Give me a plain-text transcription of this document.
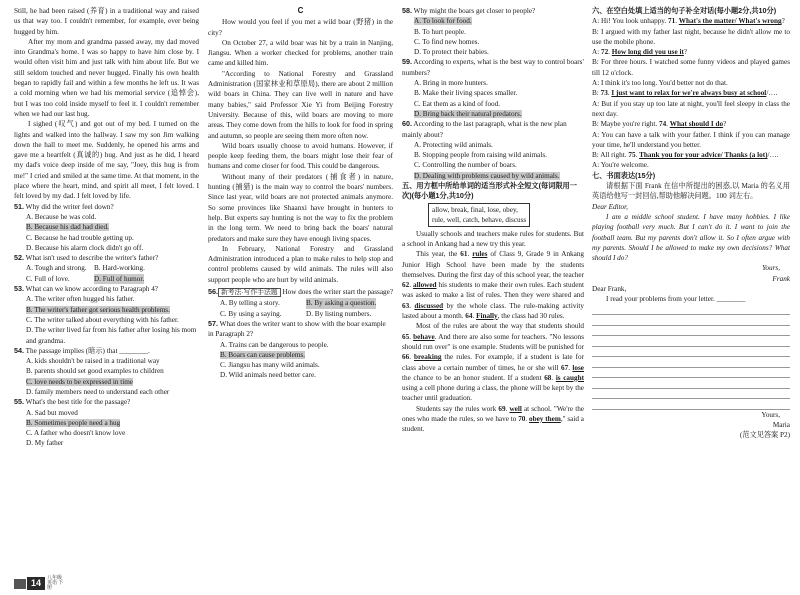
Still, he had been raised (养育) in a traditional way and raised us that way too. I couldn't remember, for example, ever being hugged by him.

After my mom and grandma passed away, my dad moved into Grandma's home. I was so happy to have him close by. I would often visit him and just talk with him about life. But we still seldom touched and never hugged. Finally his own health began to rapidly fail and within a few months he left us. It was a cold morning when we had his memorial service (追悼会), but I was too cold inside myself to feel it. I couldn't remember when we had our last hug.

I sighed (叹气) and got out of my bed. I turned on the lights and walked into the hallway. I saw my son Jim walking down the hall to meet me. Suddenly, he opened his arms and gave me a heartfelt (真诚的) hug. And just as he did, I heard my dad's voice deep inside of me say, "Joey, this hug is from me!" I cried and smiled at the same time. At that moment, in the place where the heart, mind, and spirit all meet, I felt loved. I felt loved by my dad. I felt loved by life.

51. Why did the writer feel down?
A. Because he was cold.
B. Because his dad had died.
C. Because he had trouble getting up.
D. Because his alarm clock didn't go off.
52. What isn't used to describe the writer's father?
A. Tough and strong.	B. Hard-working.
C. Full of love.	D. Full of humor.
53. What can we know according to Paragraph 4?
A. The writer often hugged his father.
B. The writer's father got serious health problems.
C. The writer talked about everything with his father.
D. The writer lived far from his father after losing his mom and grandma.
54. The passage implies (暗示) that ________.
A. kids shouldn't be raised in a traditional way
B. parents should set good examples to children
C. love needs to be expressed in time
D. family members need to understand each other
55. What's the best title for the passage?
A. Sad but moved
B. Sometimes people need a hug
C. A father who doesn't know love
D. My father
C

How would you feel if you met a wild boar (野猪) in the city?

On October 27, a wild boar was hit by a train in Nanjing, Jiangsu. When a worker checked for problems, another train came and killed him.

"According to National Forestry and Grassland Administration (国家林业和草原局), there are about 2 million wild boars in China. They can live well in nature and have many babies," said Professor Xie Yi from Beijing Forestry University. Because of this, wild boars are moving to more areas. They come down from the hills to look for food in spring and autumn, so people are seeing them more often now.

Wild boars usually choose to avoid humans. However, if people keep feeding them, the boars might lose their fear of humans and come closer for food. This could be dangerous.

Without many of their predators (捕食者) in nature, hunting (捕猎) is the main way to control the boars' numbers. Since last year, wild boars are not protected animals anymore. So some provinces like Shaanxi have brought in hunters to help. But experts say hunting is not the way to fix the problem in the long term. We need to bring back the boars' natural predators and make sure they have enough living spaces.

In February, National Forestry and Grassland Administration introduced a plan to make rules to help stop and control problems caused by wild animals. The rules will also support people who are hurt by wild animals.

56. 新考法·写作手法题 How does the writer start the passage?
A. By telling a story.	B. By asking a question.
C. By using a saying.	D. By listing numbers.
57. What does the writer want to show with the boar example in Paragraph 2?
A. Trains can be dangerous to people.
B. Boars can cause problems.
C. Jiangsu has many wild animals.
D. Wild animals need better care.
58. Why might the boars get closer to people?
A. To look for food.
B. To hurt people.
C. To find new homes.
D. To protect their babies.
59. According to experts, what is the best way to control boars' numbers?
A. Bring in more hunters.
B. Make their living spaces smaller.
C. Eat them as a kind of food.
D. Bring back their natural predators.
60. According to the last paragraph, what is the new plan mainly about?
A. Protecting wild animals.
B. Stopping people from raising wild animals.
C. Controlling the number of boars.
D. Dealing with problems caused by wild animals.
五、用方框中所给单词的适当形式补全短文(每词限用一次)(每小题1分,共10分)
allow, break, final, lose, obey,
rule, well, catch, behave, discuss

Usually schools and teachers make rules for students. But a school in Ankang had a new try this year.

This year, the 61. rules of Class 9, Grade 9 in Ankang Junior High School have been made by the students themselves. During the first day of this school year, the teacher 62. allowed his students to make their own rules. Each student was asked to make a list of rules. Then they were shared and 63. discussed by the whole class. The rule-making activity lasted about a month. 64. Finally, the class had 30 rules.

Most of the rules are about the way that students should 65. behave. And there are also some for teachers. "No lessons should run over" is one example. Students will be punished for 66. breaking the rules. For example, if a student is late for class above a certain number of times, he or she will 67. lose the chance to be an honor student. If a student 68. is caught using a cell phone during a class, the phone will be kept by the teacher until graduation.

Students say the rules work 69. well at school. "We're the ones who made the rules, so we have to 70. obey them," said a student.

六、在空白处填上适当的句子补全对话(每小题2分,共10分)

A: Hi! You look unhappy. 71. What's the matter/ What's wrong?

B: I argued with my father last night, because he didn't allow me to use the mobile phone.

A: 72. How long did you use it?

B: For three hours. I watched some funny videos and played games till 12 o'clock.

A: I think it's too long. You'd better not do that.

B: 73. I just want to relax for we're always busy at school/….

A: But if you stay up too late at night, you'll feel sleepy in class the next day.

B: Maybe you're right. 74. What should I do?

A: You can have a talk with your father. I think if you can manage your time, he'll understand you better.

B: All right. 75. Thank you for your advice/ Thanks (a lot)/….

A: You're welcome.

七、书面表达(15分)

请根据下面 Frank 在信中所提出的困惑,以 Maria 的名义用英语给他写一封回信,帮助他解决问题。100 词左右。

Dear Editor,

I am a middle school student. I have many hobbies. I like playing football very much. But I can't do it. I want to join the football team. But my parents don't allow it. So I often argue with my parents. Should I be allowed to make my own decisions? What should I do?

Yours,
Frank
Dear Frank,

I read your problems from your letter. ________

Yours,
Maria
(范文见答案 P2)
14
八年级 英语 下册
